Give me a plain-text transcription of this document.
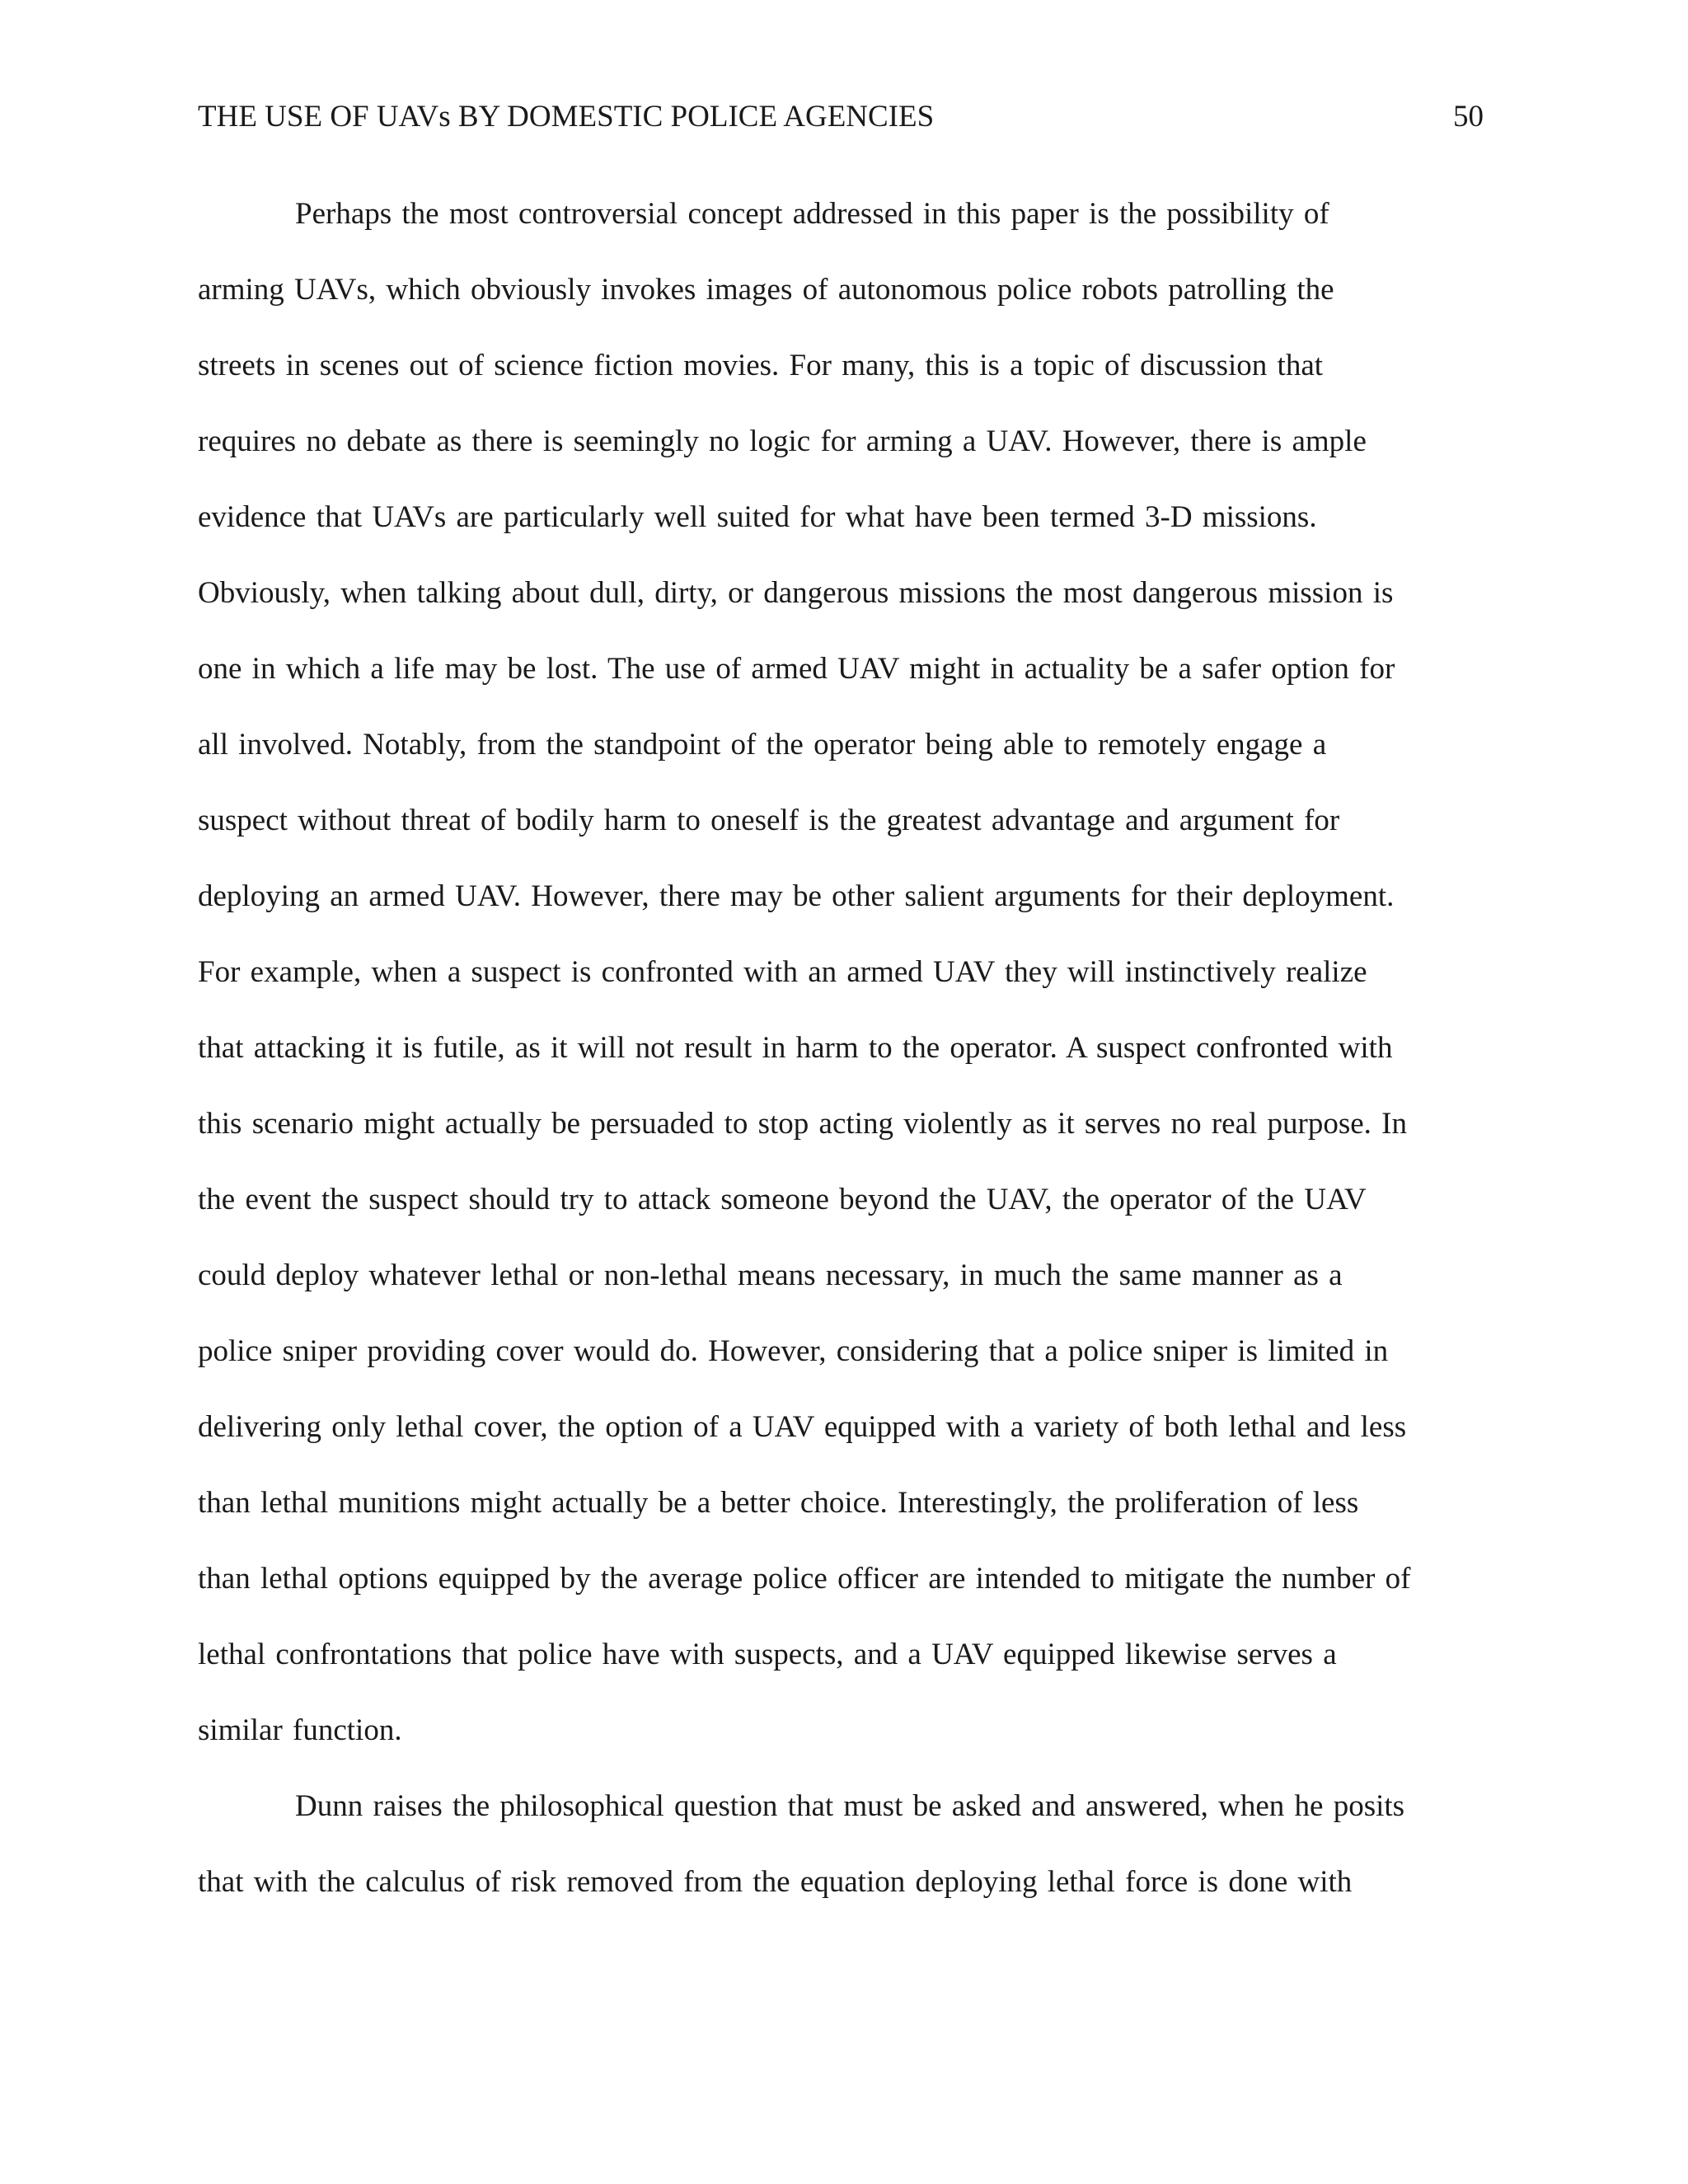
THE USE OF UAVs BY DOMESTIC POLICE AGENCIES	50
Perhaps the most controversial concept addressed in this paper is the possibility of
arming UAVs, which obviously invokes images of autonomous police robots patrolling the
streets in scenes out of science fiction movies. For many, this is a topic of discussion that
requires no debate as there is seemingly no logic for arming a UAV. However, there is ample
evidence that UAVs are particularly well suited for what have been termed 3-D missions.
Obviously, when talking about dull, dirty, or dangerous missions the most dangerous mission is
one in which a life may be lost. The use of armed UAV might in actuality be a safer option for
all involved. Notably, from the standpoint of the operator being able to remotely engage a
suspect without threat of bodily harm to oneself is the greatest advantage and argument for
deploying an armed UAV. However, there may be other salient arguments for their deployment.
For example, when a suspect is confronted with an armed UAV they will instinctively realize
that attacking it is futile, as it will not result in harm to the operator. A suspect confronted with
this scenario might actually be persuaded to stop acting violently as it serves no real purpose. In
the event the suspect should try to attack someone beyond the UAV, the operator of the UAV
could deploy whatever lethal or non-lethal means necessary, in much the same manner as a
police sniper providing cover would do. However, considering that a police sniper is limited in
delivering only lethal cover, the option of a UAV equipped with a variety of both lethal and less
than lethal munitions might actually be a better choice. Interestingly, the proliferation of less
than lethal options equipped by the average police officer are intended to mitigate the number of
lethal confrontations that police have with suspects, and a UAV equipped likewise serves a
similar function.
Dunn raises the philosophical question that must be asked and answered, when he posits
that with the calculus of risk removed from the equation deploying lethal force is done with
